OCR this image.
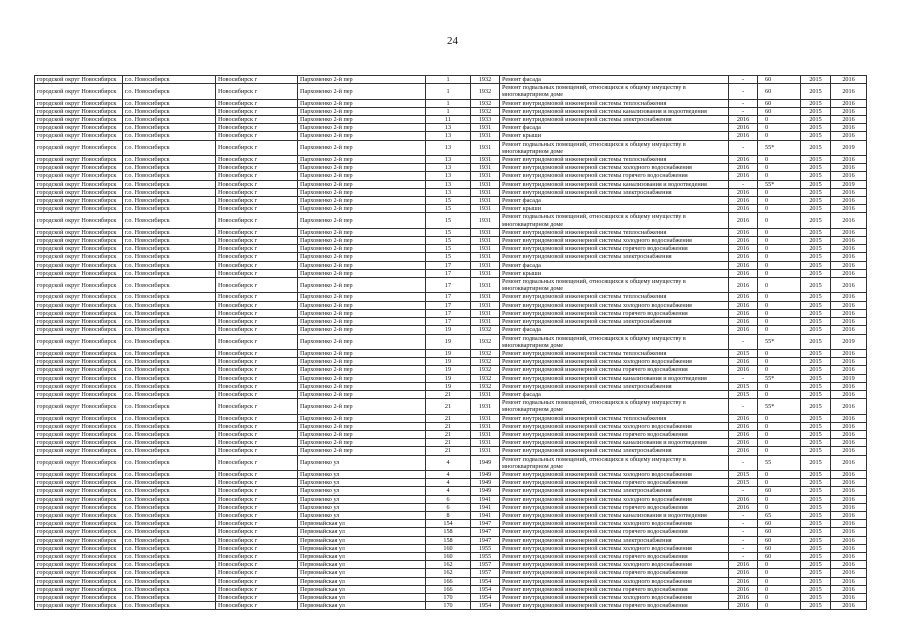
24
городской округ Новосибирск	г.о. Новосибирск	Новосибирск г	Пархоменко 2-й пер	1	1932	Ремонт фасада	-	60	2015	2016
городской округ Новосибирск	г.о. Новосибирск	Новосибирск г	Пархоменко 2-й пер	1	1932	Ремонт подвальных помещений, относящихся к общему имуществу в многоквартирном доме	-	60	2015	2016
городской округ Новосибирск	г.о. Новосибирск	Новосибирск г	Пархоменко 2-й пер	1	1932	Ремонт внутридомовой инженерной системы теплоснабжения	-	60	2015	2016
городской округ Новосибирск	г.о. Новосибирск	Новосибирск г	Пархоменко 2-й пер	1	1932	Ремонт внутридомовой инженерной системы канализования и водоотведения	-	60	2015	2016
городской округ Новосибирск	г.о. Новосибирск	Новосибирск г	Пархоменко 2-й пер	11	1933	Ремонт внутридомовой инженерной системы электроснабжения	2016	0	2015	2016
городской округ Новосибирск	г.о. Новосибирск	Новосибирск г	Пархоменко 2-й пер	13	1931	Ремонт фасада	2016	0	2015	2016
городской округ Новосибирск	г.о. Новосибирск	Новосибирск г	Пархоменко 2-й пер	13	1931	Ремонт крыши	2016	0	2015	2016
городской округ Новосибирск	г.о. Новосибирск	Новосибирск г	Пархоменко 2-й пер	13	1931	Ремонт подвальных помещений, относящихся к общему имуществу в многоквартирном доме	-	55*	2015	2019
городской округ Новосибирск	г.о. Новосибирск	Новосибирск г	Пархоменко 2-й пер	13	1931	Ремонт внутридомовой инженерной системы теплоснабжения	2016	0	2015	2016
городской округ Новосибирск	г.о. Новосибирск	Новосибирск г	Пархоменко 2-й пер	13	1931	Ремонт внутридомовой инженерной системы холодного водоснабжения	2016	0	2015	2016
городской округ Новосибирск	г.о. Новосибирск	Новосибирск г	Пархоменко 2-й пер	13	1931	Ремонт внутридомовой инженерной системы горячего водоснабжения	2016	0	2015	2016
городской округ Новосибирск	г.о. Новосибирск	Новосибирск г	Пархоменко 2-й пер	13	1931	Ремонт внутридомовой инженерной системы канализования и водоотведения	-	55*	2015	2019
городской округ Новосибирск	г.о. Новосибирск	Новосибирск г	Пархоменко 2-й пер	13	1931	Ремонт внутридомовой инженерной системы электроснабжения	2016	0	2015	2016
городской округ Новосибирск	г.о. Новосибирск	Новосибирск г	Пархоменко 2-й пер	15	1931	Ремонт фасада	2016	0	2015	2016
городской округ Новосибирск	г.о. Новосибирск	Новосибирск г	Пархоменко 2-й пер	15	1931	Ремонт крыши	2016	0	2015	2016
городской округ Новосибирск	г.о. Новосибирск	Новосибирск г	Пархоменко 2-й пер	15	1931	Ремонт подвальных помещений, относящихся к общему имуществу в многоквартирном доме	2016	0	2015	2016
городской округ Новосибирск	г.о. Новосибирск	Новосибирск г	Пархоменко 2-й пер	15	1931	Ремонт внутридомовой инженерной системы теплоснабжения	2016	0	2015	2016
городской округ Новосибирск	г.о. Новосибирск	Новосибирск г	Пархоменко 2-й пер	15	1931	Ремонт внутридомовой инженерной системы холодного водоснабжения	2016	0	2015	2016
городской округ Новосибирск	г.о. Новосибирск	Новосибирск г	Пархоменко 2-й пер	15	1931	Ремонт внутридомовой инженерной системы горячего водоснабжения	2016	0	2015	2016
городской округ Новосибирск	г.о. Новосибирск	Новосибирск г	Пархоменко 2-й пер	15	1931	Ремонт внутридомовой инженерной системы электроснабжения	2016	0	2015	2016
городской округ Новосибирск	г.о. Новосибирск	Новосибирск г	Пархоменко 2-й пер	17	1931	Ремонт фасада	2016	0	2015	2016
городской округ Новосибирск	г.о. Новосибирск	Новосибирск г	Пархоменко 2-й пер	17	1931	Ремонт крыши	2016	0	2015	2016
городской округ Новосибирск	г.о. Новосибирск	Новосибирск г	Пархоменко 2-й пер	17	1931	Ремонт подвальных помещений, относящихся к общему имуществу в многоквартирном доме	2016	0	2015	2016
городской округ Новосибирск	г.о. Новосибирск	Новосибирск г	Пархоменко 2-й пер	17	1931	Ремонт внутридомовой инженерной системы теплоснабжения	2016	0	2015	2016
городской округ Новосибирск	г.о. Новосибирск	Новосибирск г	Пархоменко 2-й пер	17	1931	Ремонт внутридомовой инженерной системы холодного водоснабжения	2016	0	2015	2016
городской округ Новосибирск	г.о. Новосибирск	Новосибирск г	Пархоменко 2-й пер	17	1931	Ремонт внутридомовой инженерной системы горячего водоснабжения	2016	0	2015	2016
городской округ Новосибирск	г.о. Новосибирск	Новосибирск г	Пархоменко 2-й пер	17	1931	Ремонт внутридомовой инженерной системы электроснабжения	2016	0	2015	2016
городской округ Новосибирск	г.о. Новосибирск	Новосибирск г	Пархоменко 2-й пер	19	1932	Ремонт фасада	2016	0	2015	2016
городской округ Новосибирск	г.о. Новосибирск	Новосибирск г	Пархоменко 2-й пер	19	1932	Ремонт подвальных помещений, относящихся к общему имуществу в многоквартирном доме	-	55*	2015	2019
городской округ Новосибирск	г.о. Новосибирск	Новосибирск г	Пархоменко 2-й пер	19	1932	Ремонт внутридомовой инженерной системы теплоснабжения	2015	0	2015	2016
городской округ Новосибирск	г.о. Новосибирск	Новосибирск г	Пархоменко 2-й пер	19	1932	Ремонт внутридомовой инженерной системы холодного водоснабжения	2016	0	2015	2016
городской округ Новосибирск	г.о. Новосибирск	Новосибирск г	Пархоменко 2-й пер	19	1932	Ремонт внутридомовой инженерной системы горячего водоснабжения	2016	0	2015	2016
городской округ Новосибирск	г.о. Новосибирск	Новосибирск г	Пархоменко 2-й пер	19	1932	Ремонт внутридомовой инженерной системы канализования и водоотведения	-	55*	2015	2019
городской округ Новосибирск	г.о. Новосибирск	Новосибирск г	Пархоменко 2-й пер	19	1932	Ремонт внутридомовой инженерной системы электроснабжения	2015	0	2015	2016
городской округ Новосибирск	г.о. Новосибирск	Новосибирск г	Пархоменко 2-й пер	21	1931	Ремонт фасада	2015	0	2015	2016
городской округ Новосибирск	г.о. Новосибирск	Новосибирск г	Пархоменко 2-й пер	21	1931	Ремонт подвальных помещений, относящихся к общему имуществу в многоквартирном доме	-	55*	2015	2016
городской округ Новосибирск	г.о. Новосибирск	Новосибирск г	Пархоменко 2-й пер	21	1931	Ремонт внутридомовой инженерной системы теплоснабжения	2016	0	2015	2016
городской округ Новосибирск	г.о. Новосибирск	Новосибирск г	Пархоменко 2-й пер	21	1931	Ремонт внутридомовой инженерной системы холодного водоснабжения	2016	0	2015	2016
городской округ Новосибирск	г.о. Новосибирск	Новосибирск г	Пархоменко 2-й пер	21	1931	Ремонт внутридомовой инженерной системы горячего водоснабжения	2016	0	2015	2016
городской округ Новосибирск	г.о. Новосибирск	Новосибирск г	Пархоменко 2-й пер	21	1931	Ремонт внутридомовой инженерной системы канализования и водоотведения	2016	0	2015	2016
городской округ Новосибирск	г.о. Новосибирск	Новосибирск г	Пархоменко 2-й пер	21	1931	Ремонт внутридомовой инженерной системы электроснабжения	2016	0	2015	2016
городской округ Новосибирск	г.о. Новосибирск	Новосибирск г	Пархоменко ул	4	1949	Ремонт подвальных помещений, относящихся к общему имуществу в многоквартирном доме	-	55	2015	2016
городской округ Новосибирск	г.о. Новосибирск	Новосибирск г	Пархоменко ул	4	1949	Ремонт внутридомовой инженерной системы холодного водоснабжения	2015	0	2015	2016
городской округ Новосибирск	г.о. Новосибирск	Новосибирск г	Пархоменко ул	4	1949	Ремонт внутридомовой инженерной системы горячего водоснабжения	2015	0	2015	2016
городской округ Новосибирск	г.о. Новосибирск	Новосибирск г	Пархоменко ул	4	1949	Ремонт внутридомовой инженерной системы электроснабжения	-	60	2015	2016
городской округ Новосибирск	г.о. Новосибирск	Новосибирск г	Пархоменко ул	6	1941	Ремонт внутридомовой инженерной системы холодного водоснабжения	2016	0	2015	2016
городской округ Новосибирск	г.о. Новосибирск	Новосибирск г	Пархоменко ул	6	1941	Ремонт внутридомовой инженерной системы горячего водоснабжения	2016	0	2015	2016
городской округ Новосибирск	г.о. Новосибирск	Новосибирск г	Пархоменко ул	8	1941	Ремонт внутридомовой инженерной системы канализования и водоотведения	-	65	2015	2016
городской округ Новосибирск	г.о. Новосибирск	Новосибирск г	Первомайская ул	154	1947	Ремонт внутридомовой инженерной системы холодного водоснабжения	-	60	2015	2016
городской округ Новосибирск	г.о. Новосибирск	Новосибирск г	Первомайская ул	158	1947	Ремонт внутридомовой инженерной системы горячего водоснабжения	-	60	2015	2016
городской округ Новосибирск	г.о. Новосибирск	Новосибирск г	Первомайская ул	158	1947	Ремонт внутридомовой инженерной системы электроснабжения	-	60	2015	2016
городской округ Новосибирск	г.о. Новосибирск	Новосибирск г	Первомайская ул	160	1955	Ремонт внутридомовой инженерной системы холодного водоснабжения	-	60	2015	2016
городской округ Новосибирск	г.о. Новосибирск	Новосибирск г	Первомайская ул	160	1955	Ремонт внутридомовой инженерной системы горячего водоснабжения	-	60	2015	2016
городской округ Новосибирск	г.о. Новосибирск	Новосибирск г	Первомайская ул	162	1957	Ремонт внутридомовой инженерной системы холодного водоснабжения	2016	0	2015	2016
городской округ Новосибирск	г.о. Новосибирск	Новосибирск г	Первомайская ул	162	1957	Ремонт внутридомовой инженерной системы горячего водоснабжения	2016	0	2015	2016
городской округ Новосибирск	г.о. Новосибирск	Новосибирск г	Первомайская ул	166	1954	Ремонт внутридомовой инженерной системы холодного водоснабжения	2016	0	2015	2016
городской округ Новосибирск	г.о. Новосибирск	Новосибирск г	Первомайская ул	166	1954	Ремонт внутридомовой инженерной системы горячего водоснабжения	2016	0	2015	2016
городской округ Новосибирск	г.о. Новосибирск	Новосибирск г	Первомайская ул	170	1954	Ремонт внутридомовой инженерной системы холодного водоснабжения	2016	0	2015	2016
городской округ Новосибирск	г.о. Новосибирск	Новосибирск г	Первомайская ул	170	1954	Ремонт внутридомовой инженерной системы горячего водоснабжения	2016	0	2015	2016
